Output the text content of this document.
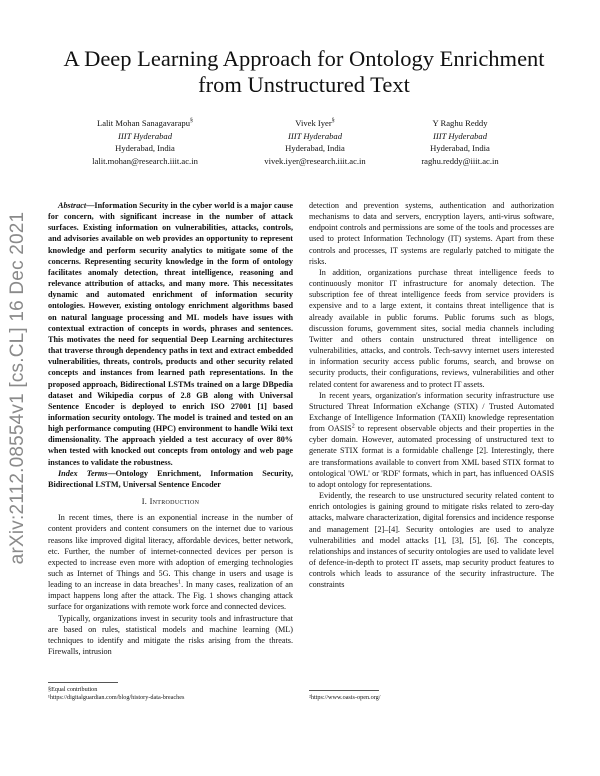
arXiv:2112.08554v1 [cs.CL] 16 Dec 2021
A Deep Learning Approach for Ontology Enrichment from Unstructured Text
Lalit Mohan Sanagavarapu§
IIIT Hyderabad
Hyderabad, India
lalit.mohan@research.iiit.ac.in
Vivek Iyer§
IIIT Hyderabad
Hyderabad, India
vivek.iyer@research.iiit.ac.in
Y Raghu Reddy
IIIT Hyderabad
Hyderabad, India
raghu.reddy@iiit.ac.in

Abstract—Information Security in the cyber world is a major cause for concern, with significant increase in the number of attack surfaces. Existing information on vulnerabilities, attacks, controls, and advisories available on web provides an opportunity to represent knowledge and perform security analytics to mitigate some of the concerns. Representing security knowledge in the form of ontology facilitates anomaly detection, threat intelligence, reasoning and relevance attribution of attacks, and many more. This necessitates dynamic and automated enrichment of information security ontologies. However, existing ontology enrichment algorithms based on natural language processing and ML models have issues with contextual extraction of concepts in words, phrases and sentences. This motivates the need for sequential Deep Learning architectures that traverse through dependency paths in text and extract embedded vulnerabilities, threats, controls, products and other security related concepts and instances from learned path representations. In the proposed approach, Bidirectional LSTMs trained on a large DBpedia dataset and Wikipedia corpus of 2.8 GB along with Universal Sentence Encoder is deployed to enrich ISO 27001 [1] based information security ontology. The model is trained and tested on an high performance computing (HPC) environment to handle Wiki text dimensionality. The approach yielded a test accuracy of over 80% when tested with knocked out concepts from ontology and web page instances to validate the robustness.

Index Terms—Ontology Enrichment, Information Security, Bidirectional LSTM, Universal Sentence Encoder

I. Introduction

In recent times, there is an exponential increase in the number of content providers and content consumers on the internet due to various reasons like improved digital literacy, affordable devices, better network, etc. Further, the number of internet-connected devices per person is expected to increase even more with adoption of emerging technologies such as Internet of Things and 5G. This change in users and usage is leading to an increase in data breaches$^1$. In many cases, realization of an impact happens long after the attack. The Fig. 1 shows changing attack surface for organizations with remote work force and connected devices.

Typically, organizations invest in security tools and infrastructure that are based on rules, statistical models and machine learning (ML) techniques to identify and mitigate the risks arising from the threats. Firewalls, intrusion

detection and prevention systems, authentication and authorization mechanisms to data and servers, encryption layers, anti-virus software, endpoint controls and permissions are some of the tools and processes are used to protect Information Technology (IT) systems. Apart from these controls and processes, IT systems are regularly patched to mitigate the risks.

In addition, organizations purchase threat intelligence feeds to continuously monitor IT infrastructure for anomaly detection. The subscription fee of threat intelligence feeds from service providers is expensive and to a large extent, it contains threat intelligence that is already available in public forums. Public forums such as blogs, discussion forums, government sites, social media channels including Twitter and others contain unstructured threat intelligence on vulnerabilities, attacks, and controls. Tech-savvy internet users interested in information security access public forums, search, and browse on security products, their configurations, reviews, vulnerabilities and other related content for awareness and to protect IT assets.

In recent years, organization's information security infrastructure use Structured Threat Information eXchange (STIX) / Trusted Automated Exchange of Intelligence Information (TAXII) knowledge representation from OASIS$^2$ to represent observable objects and their properties in the cyber domain. However, automated processing of unstructured text to generate STIX format is a formidable challenge [2]. Interestingly, there are transformations available to convert from XML based STIX format to ontological 'OWL' or 'RDF' formats, which in part, has influenced OASIS to adopt ontology for representations.

Evidently, the research to use unstructured security related content to enrich ontologies is gaining ground to mitigate risks related to zero-day attacks, malware characterization, digital forensics and incidence response and management [2]–[4]. Security ontologies are used to analyze vulnerabilities and model attacks [1], [3], [5], [6]. The concepts, relationships and instances of security ontologies are used to validate level of defence-in-depth to protect IT assets, map security product features to controls which leads to assurance of the security infrastructure. The constraints

§Equal contribution
¹https://digitalguardian.com/blog/history-data-breaches	²https://www.oasis-open.org/
